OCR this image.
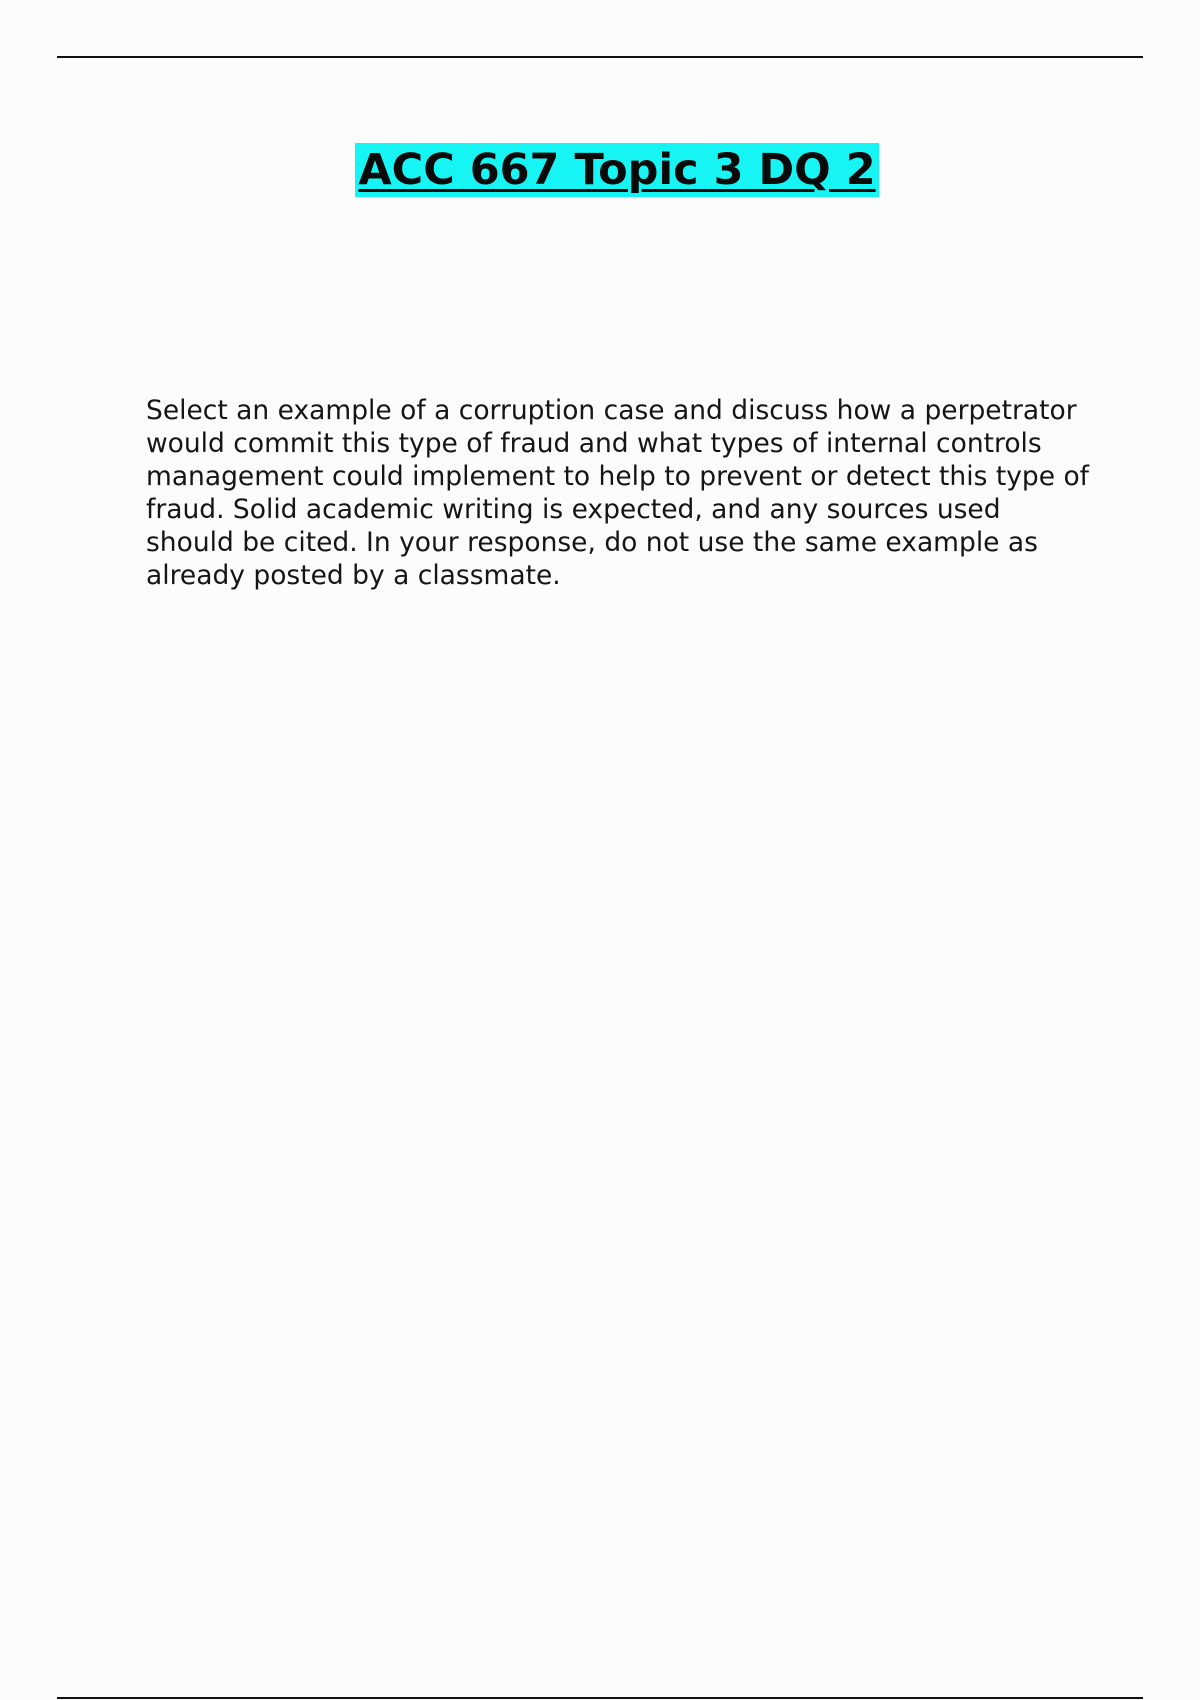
ACC 667 Topic 3 DQ 2

Select an example of a corruption case and discuss how a perpetrator would commit this type of fraud and what types of internal controls management could implement to help to prevent or detect this type of fraud. Solid academic writing is expected, and any sources used should be cited. In your response, do not use the same example as already posted by a classmate.
